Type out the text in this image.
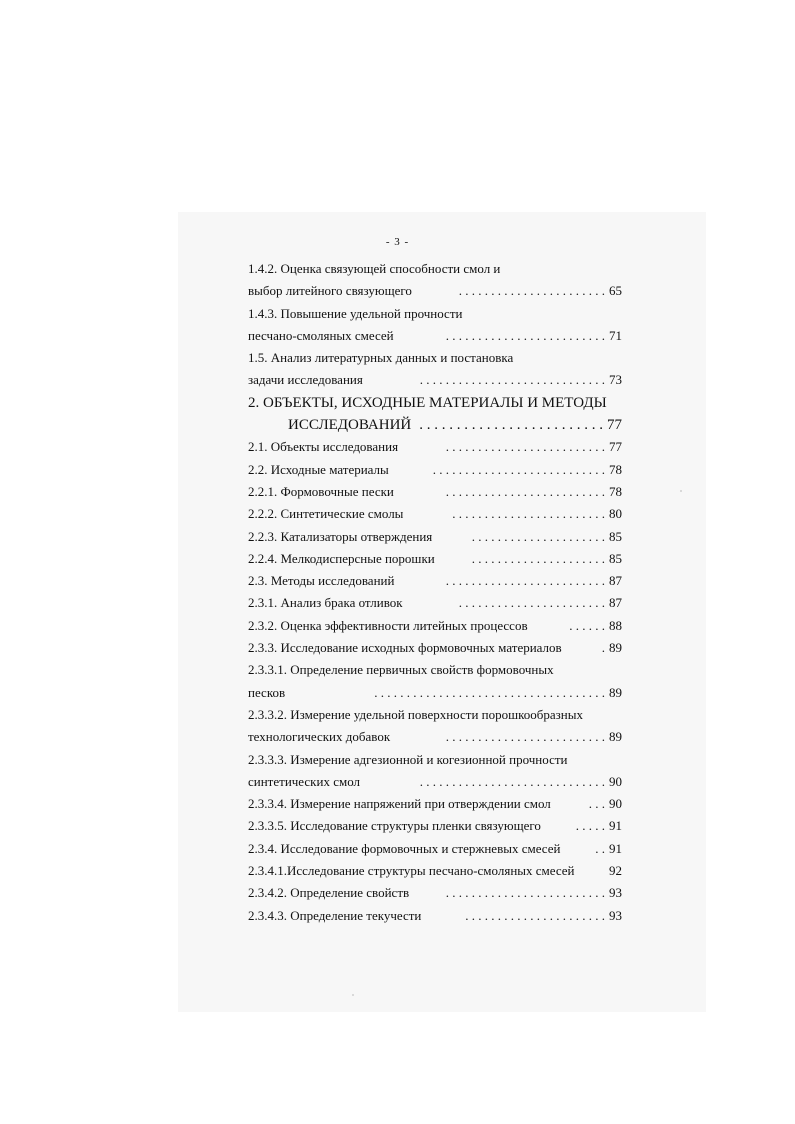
- 3 -
1.4.2. Оценка связующей способности смол и
выбор литейного связующего	. . . . . . . . . . . . . . . . . . . . . . . 65
1.4.3. Повышение удельной прочности
песчано-смоляных смесей	. . . . . . . . . . . . . . . . . . . . . . . . . 71
1.5. Анализ литературных данных и постановка
задачи исследования	. . . . . . . . . . . . . . . . . . . . . . . . . . . . . 73
2. ОБЪЕКТЫ, ИСХОДНЫЕ МАТЕРИАЛЫ И МЕТОДЫ
ИССЛЕДОВАНИЙ . . . . . . . . . . . . . . . . . . . . . . . . . 77
2.1. Объекты исследования	. . . . . . . . . . . . . . . . . . . . . . . . . 77
2.2. Исходные материалы	. . . . . . . . . . . . . . . . . . . . . . . . . . . 78
2.2.1. Формовочные пески	. . . . . . . . . . . . . . . . . . . . . . . . . 78
2.2.2. Синтетические смолы	. . . . . . . . . . . . . . . . . . . . . . . . 80
2.2.3. Катализаторы отверждения	. . . . . . . . . . . . . . . . . . . . . 85
2.2.4. Мелкодисперсные порошки	. . . . . . . . . . . . . . . . . . . . . 85
2.3. Методы исследований	. . . . . . . . . . . . . . . . . . . . . . . . . 87
2.3.1. Анализ брака отливок	. . . . . . . . . . . . . . . . . . . . . . . 87
2.3.2. Оценка эффективности литейных процессов	. . . . . . 88
2.3.3. Исследование исходных формовочных материалов	. 89
2.3.3.1. Определение первичных свойств формовочных
песков	. . . . . . . . . . . . . . . . . . . . . . . . . . . . . . . . . . . . 89
2.3.3.2. Измерение удельной поверхности порошкообразных
технологических добавок	. . . . . . . . . . . . . . . . . . . . . . . . . 89
2.3.3.3. Измерение адгезионной и когезионной прочности
синтетических смол	. . . . . . . . . . . . . . . . . . . . . . . . . . . . . 90
2.3.3.4. Измерение напряжений при отверждении смол	. . . 90
2.3.3.5. Исследование структуры пленки связующего	. . . . . 91
2.3.4. Исследование формовочных и стержневых смесей	. . 91
2.3.4.1.Исследование структуры песчано-смоляных смесей	92
2.3.4.2. Определение свойств	. . . . . . . . . . . . . . . . . . . . . . . . . 93
2.3.4.3. Определение текучести	. . . . . . . . . . . . . . . . . . . . . . 93
